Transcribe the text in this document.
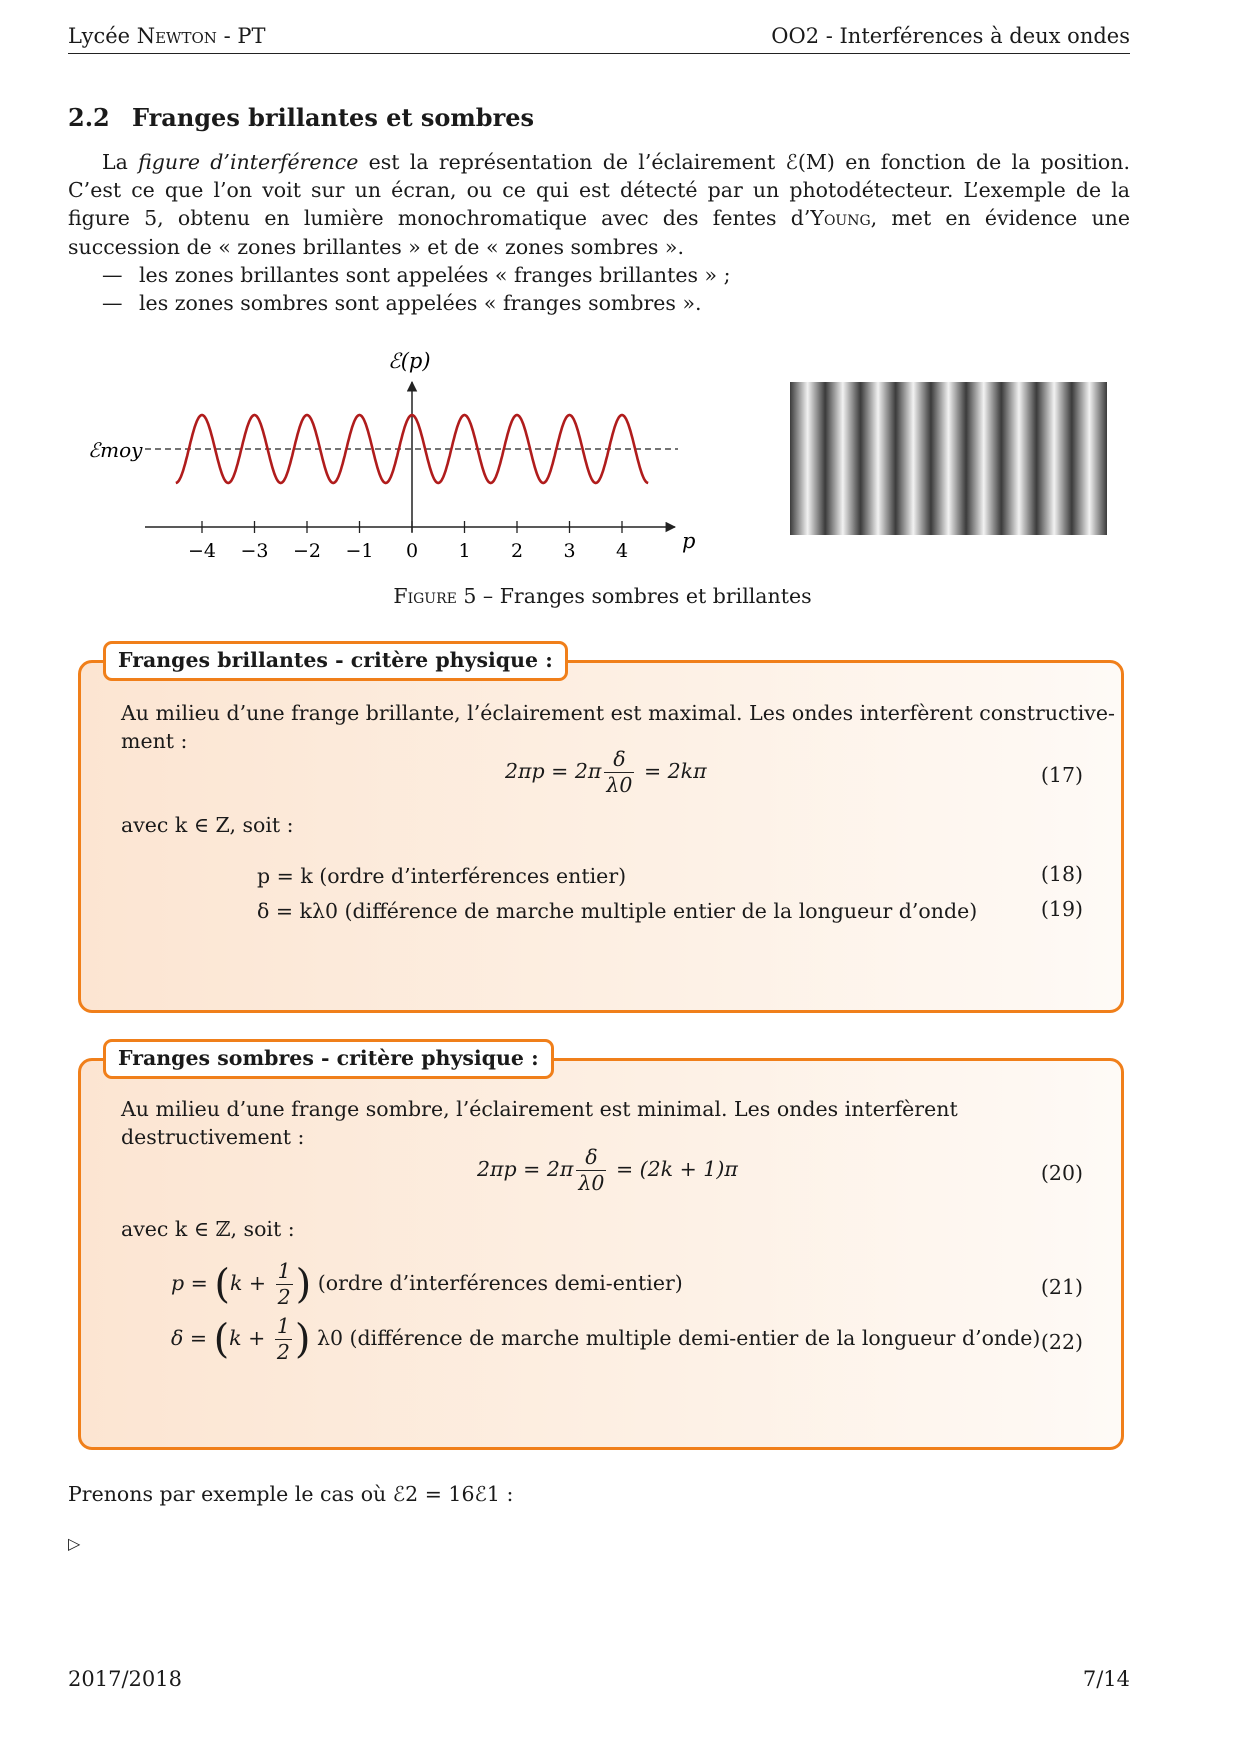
Lycée Newton - PT	OO2 - Interférences à deux ondes
2.2 Franges brillantes et sombres

La figure d’interférence est la représentation de l’éclairement ℰ(M) en fonction de la position. C’est ce que l’on voit sur un écran, ou ce qui est détecté par un photodétecteur. L’exemple de la figure 5, obtenu en lumière monochromatique avec des fentes d’Young, met en évidence une succession de « zones brillantes » et de « zones sombres ».

— les zones brillantes sont appelées « franges brillantes » ;
— les zones sombres sont appelées « franges sombres ».
−4 −3 −2 −1 0 1 2 3 4
ℰmoy
ℰ(p)
p
Figure 5 – Franges sombres et brillantes
Franges brillantes - critère physique :
Au milieu d’une frange brillante, l’éclairement est maximal. Les ondes interfèrent constructive-
ment :
$2\pi p = 2\pi \frac{\delta}{\lambda 0} = 2k\pi$	(17)
avec k ∈ Z, soit :
p = k (ordre d’interférences entier)	(18)
δ = kλ0 (différence de marche multiple entier de la longueur d’onde)	(19)
Franges sombres - critère physique :
Au milieu d’une frange sombre, l’éclairement est minimal. Les ondes interfèrent destructivement :
$2\pi p = 2\pi \frac{\delta}{\lambda 0} = (2k + 1)\pi$	(20)
avec k ∈ ℤ, soit :
$p = (k + \frac{1}{2}$ ) (ordre d’interférences demi-entier)	(21)
$\delta = (k + \frac{1}{2}$ ) λ0 (différence de marche multiple demi-entier de la longueur d’onde) (22)
Prenons par exemple le cas où ℰ2 = 16ℰ1 :
▷
2017/2018	7/14
